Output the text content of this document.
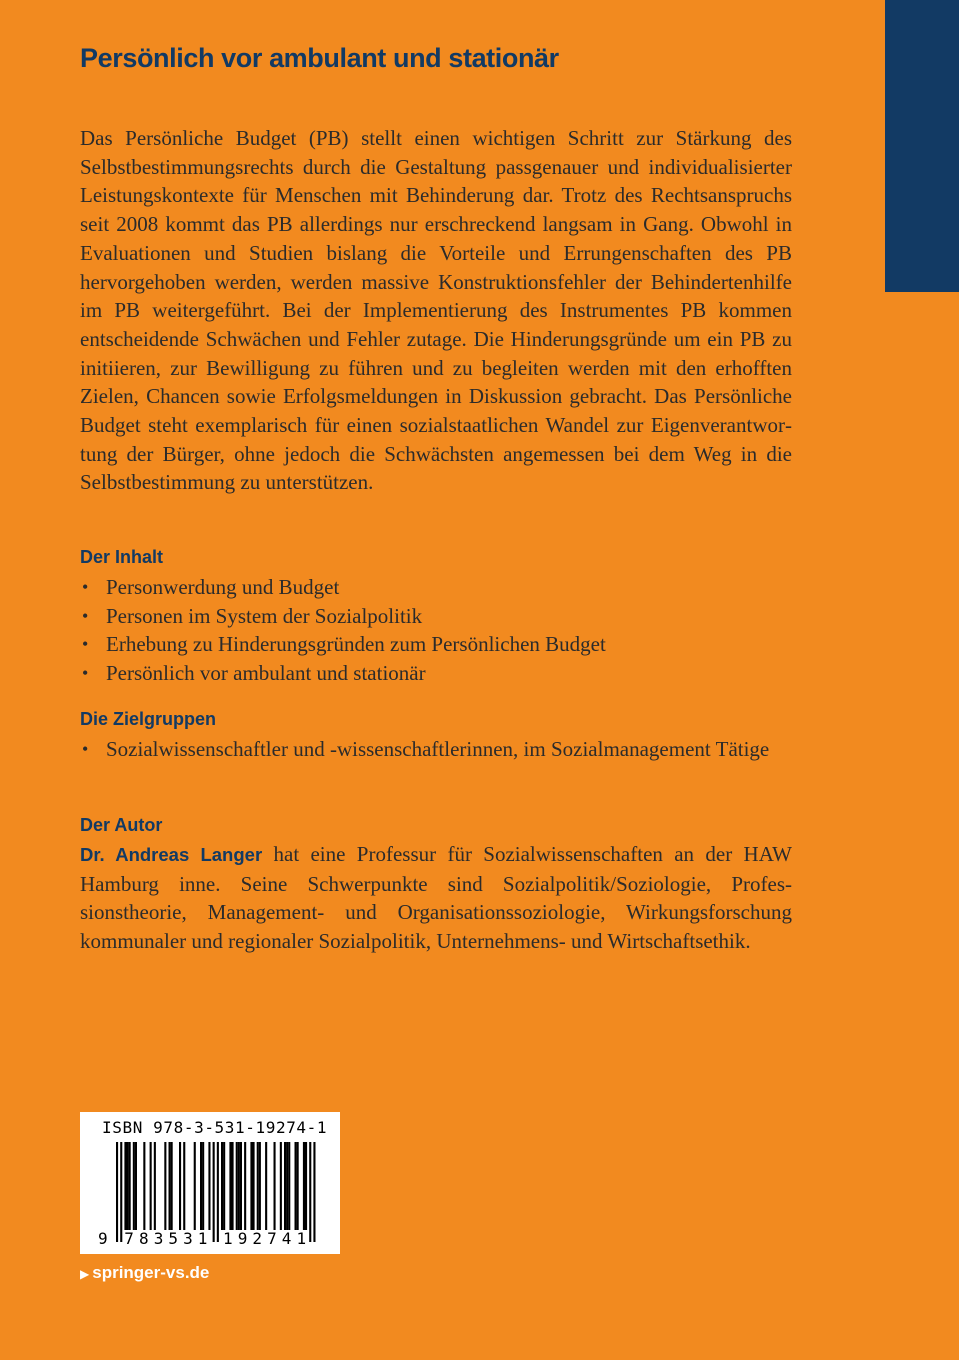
Persönlich vor ambulant und stationär

Das Persönliche Budget (PB) stellt einen wichtigen Schritt zur Stärkung des Selbstbestimmungsrechts durch die Gestaltung passgenauer und individualisierter Leistungskontexte für Menschen mit Behinderung dar. Trotz des Rechtsanspruchs seit 2008 kommt das PB allerdings nur erschreckend langsam in Gang. Obwohl in Evaluationen und Studien bislang die Vorteile und Errungenschaften des PB hervorgehoben werden, werden massive Konstruktionsfehler der Behindertenhilfe im PB weitergeführt. Bei der Implementierung des Instrumentes PB kommen entscheidende Schwächen und Fehler zutage. Die Hinderungsgründe um ein PB zu initiieren, zur Bewilligung zu führen und zu begleiten werden mit den erhofften Zielen, Chancen sowie Erfolgsmeldungen in Diskussion gebracht. Das Persönliche Budget steht exemplarisch für einen sozialstaatlichen Wandel zur Eigenverantwortung der Bürger, ohne jedoch die Schwächsten angemessen bei dem Weg in die Selbstbestimmung zu unterstützen.

Der Inhalt
• Personwerdung und Budget
• Personen im System der Sozialpolitik
• Erhebung zu Hinderungsgründen zum Persönlichen Budget
• Persönlich vor ambulant und stationär
Die Zielgruppen
• Sozialwissenschaftler und -wissenschaftlerinnen, im Sozialmanagement Tätige
Der Autor

Dr. Andreas Langer hat eine Professur für Sozialwissenschaften an der HAW Hamburg inne. Seine Schwerpunkte sind Sozialpolitik/Soziologie, Professionstheorie, Management- und Organisationssoziologie, Wirkungsforschung kommunaler und regionaler Sozialpolitik, Unternehmens- und Wirtschaftsethik.

ISBN 978-3-531-19274-1
9 7 8 3 5 3 1 1 9 2 7 4 1
▶ springer-vs.de
